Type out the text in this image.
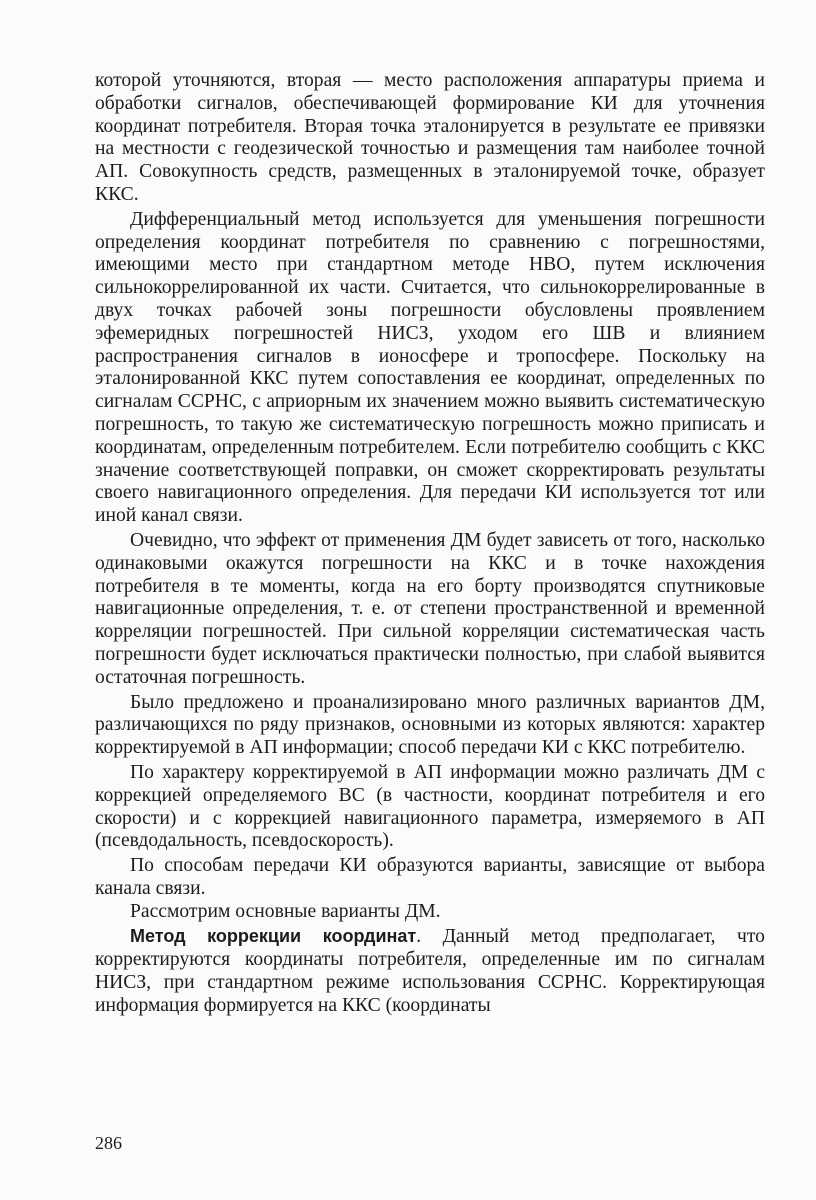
которой уточняются, вторая — место расположения аппаратуры приема и обработки сигналов, обеспечивающей формирование КИ для уточнения координат потребителя. Вторая точка эталонируется в результате ее привязки на местности с геодезической точностью и размещения там наиболее точной АП. Совокупность средств, размещенных в эталонируемой точке, образует ККС.

Дифференциальный метод используется для уменьшения погрешности определения координат потребителя по сравнению с погрешностями, имеющими место при стандартном методе НВО, путем исключения сильнокоррелированной их части. Считается, что сильнокоррелированные в двух точках рабочей зоны погрешности обусловлены проявлением эфемеридных погрешностей НИСЗ, уходом его ШВ и влиянием распространения сигналов в ионосфере и тропосфере. Поскольку на эталонированной ККС путем сопоставления ее координат, определенных по сигналам ССРНС, с априорным их значением можно выявить систематическую погрешность, то такую же систематическую погрешность можно приписать и координатам, определенным потребителем. Если потребителю сообщить с ККС значение соответствующей поправки, он сможет скорректировать результаты своего навигационного определения. Для передачи КИ используется тот или иной канал связи.

Очевидно, что эффект от применения ДМ будет зависеть от того, насколько одинаковыми окажутся погрешности на ККС и в точке нахождения потребителя в те моменты, когда на его борту производятся спутниковые навигационные определения, т. е. от степени пространственной и временной корреляции погрешностей. При сильной корреляции систематическая часть погрешности будет исключаться практически полностью, при слабой выявится остаточная погрешность.

Было предложено и проанализировано много различных вариантов ДМ, различающихся по ряду признаков, основными из которых являются: характер корректируемой в АП информации; способ передачи КИ с ККС потребителю.

По характеру корректируемой в АП информации можно различать ДМ с коррекцией определяемого ВС (в частности, координат потребителя и его скорости) и с коррекцией навигационного параметра, измеряемого в АП (псевдодальность, псевдоскорость).

По способам передачи КИ образуются варианты, зависящие от выбора канала связи.

Рассмотрим основные варианты ДМ.

Метод коррекции координат. Данный метод предполагает, что корректируются координаты потребителя, определенные им по сигналам НИСЗ, при стандартном режиме использования ССРНС. Корректирующая информация формируется на ККС (координаты

286
